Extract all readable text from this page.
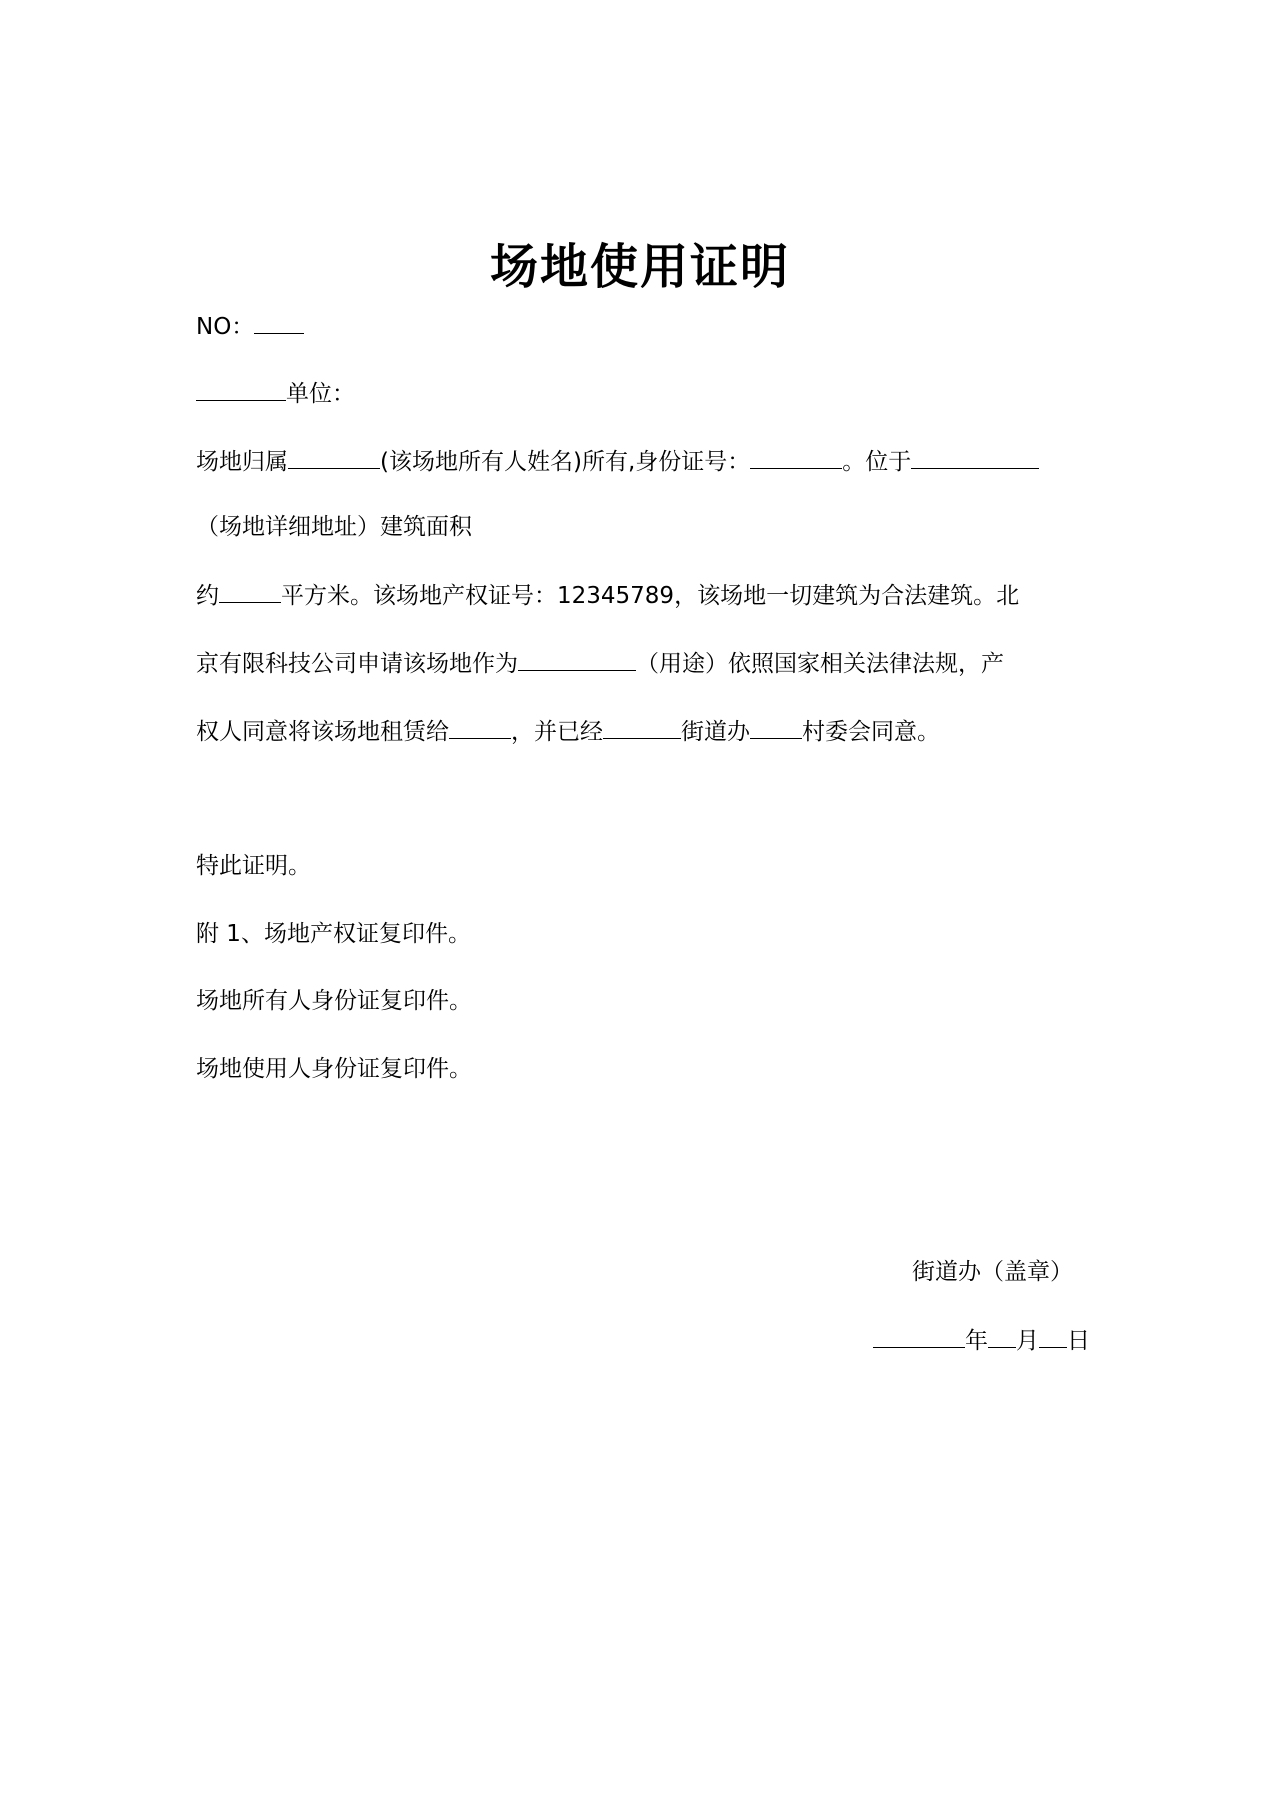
场地使用证明
NO：
单位：
场地归属	(该场地所有人姓名)所有,身份证号：	。位于
（场地详细地址）建筑面积
约	平方米。该场地产权证号：12345789，该场地一切建筑为合法建筑。北
京有限科技公司申请该场地作为	（用途）依照国家相关法律法规，产
权人同意将该场地租赁给	，并已经	街道办 村委会同意。
特此证明。
附 1、场地产权证复印件。
场地所有人身份证复印件。
场地使用人身份证复印件。
街道办（盖章）
年 月 日
